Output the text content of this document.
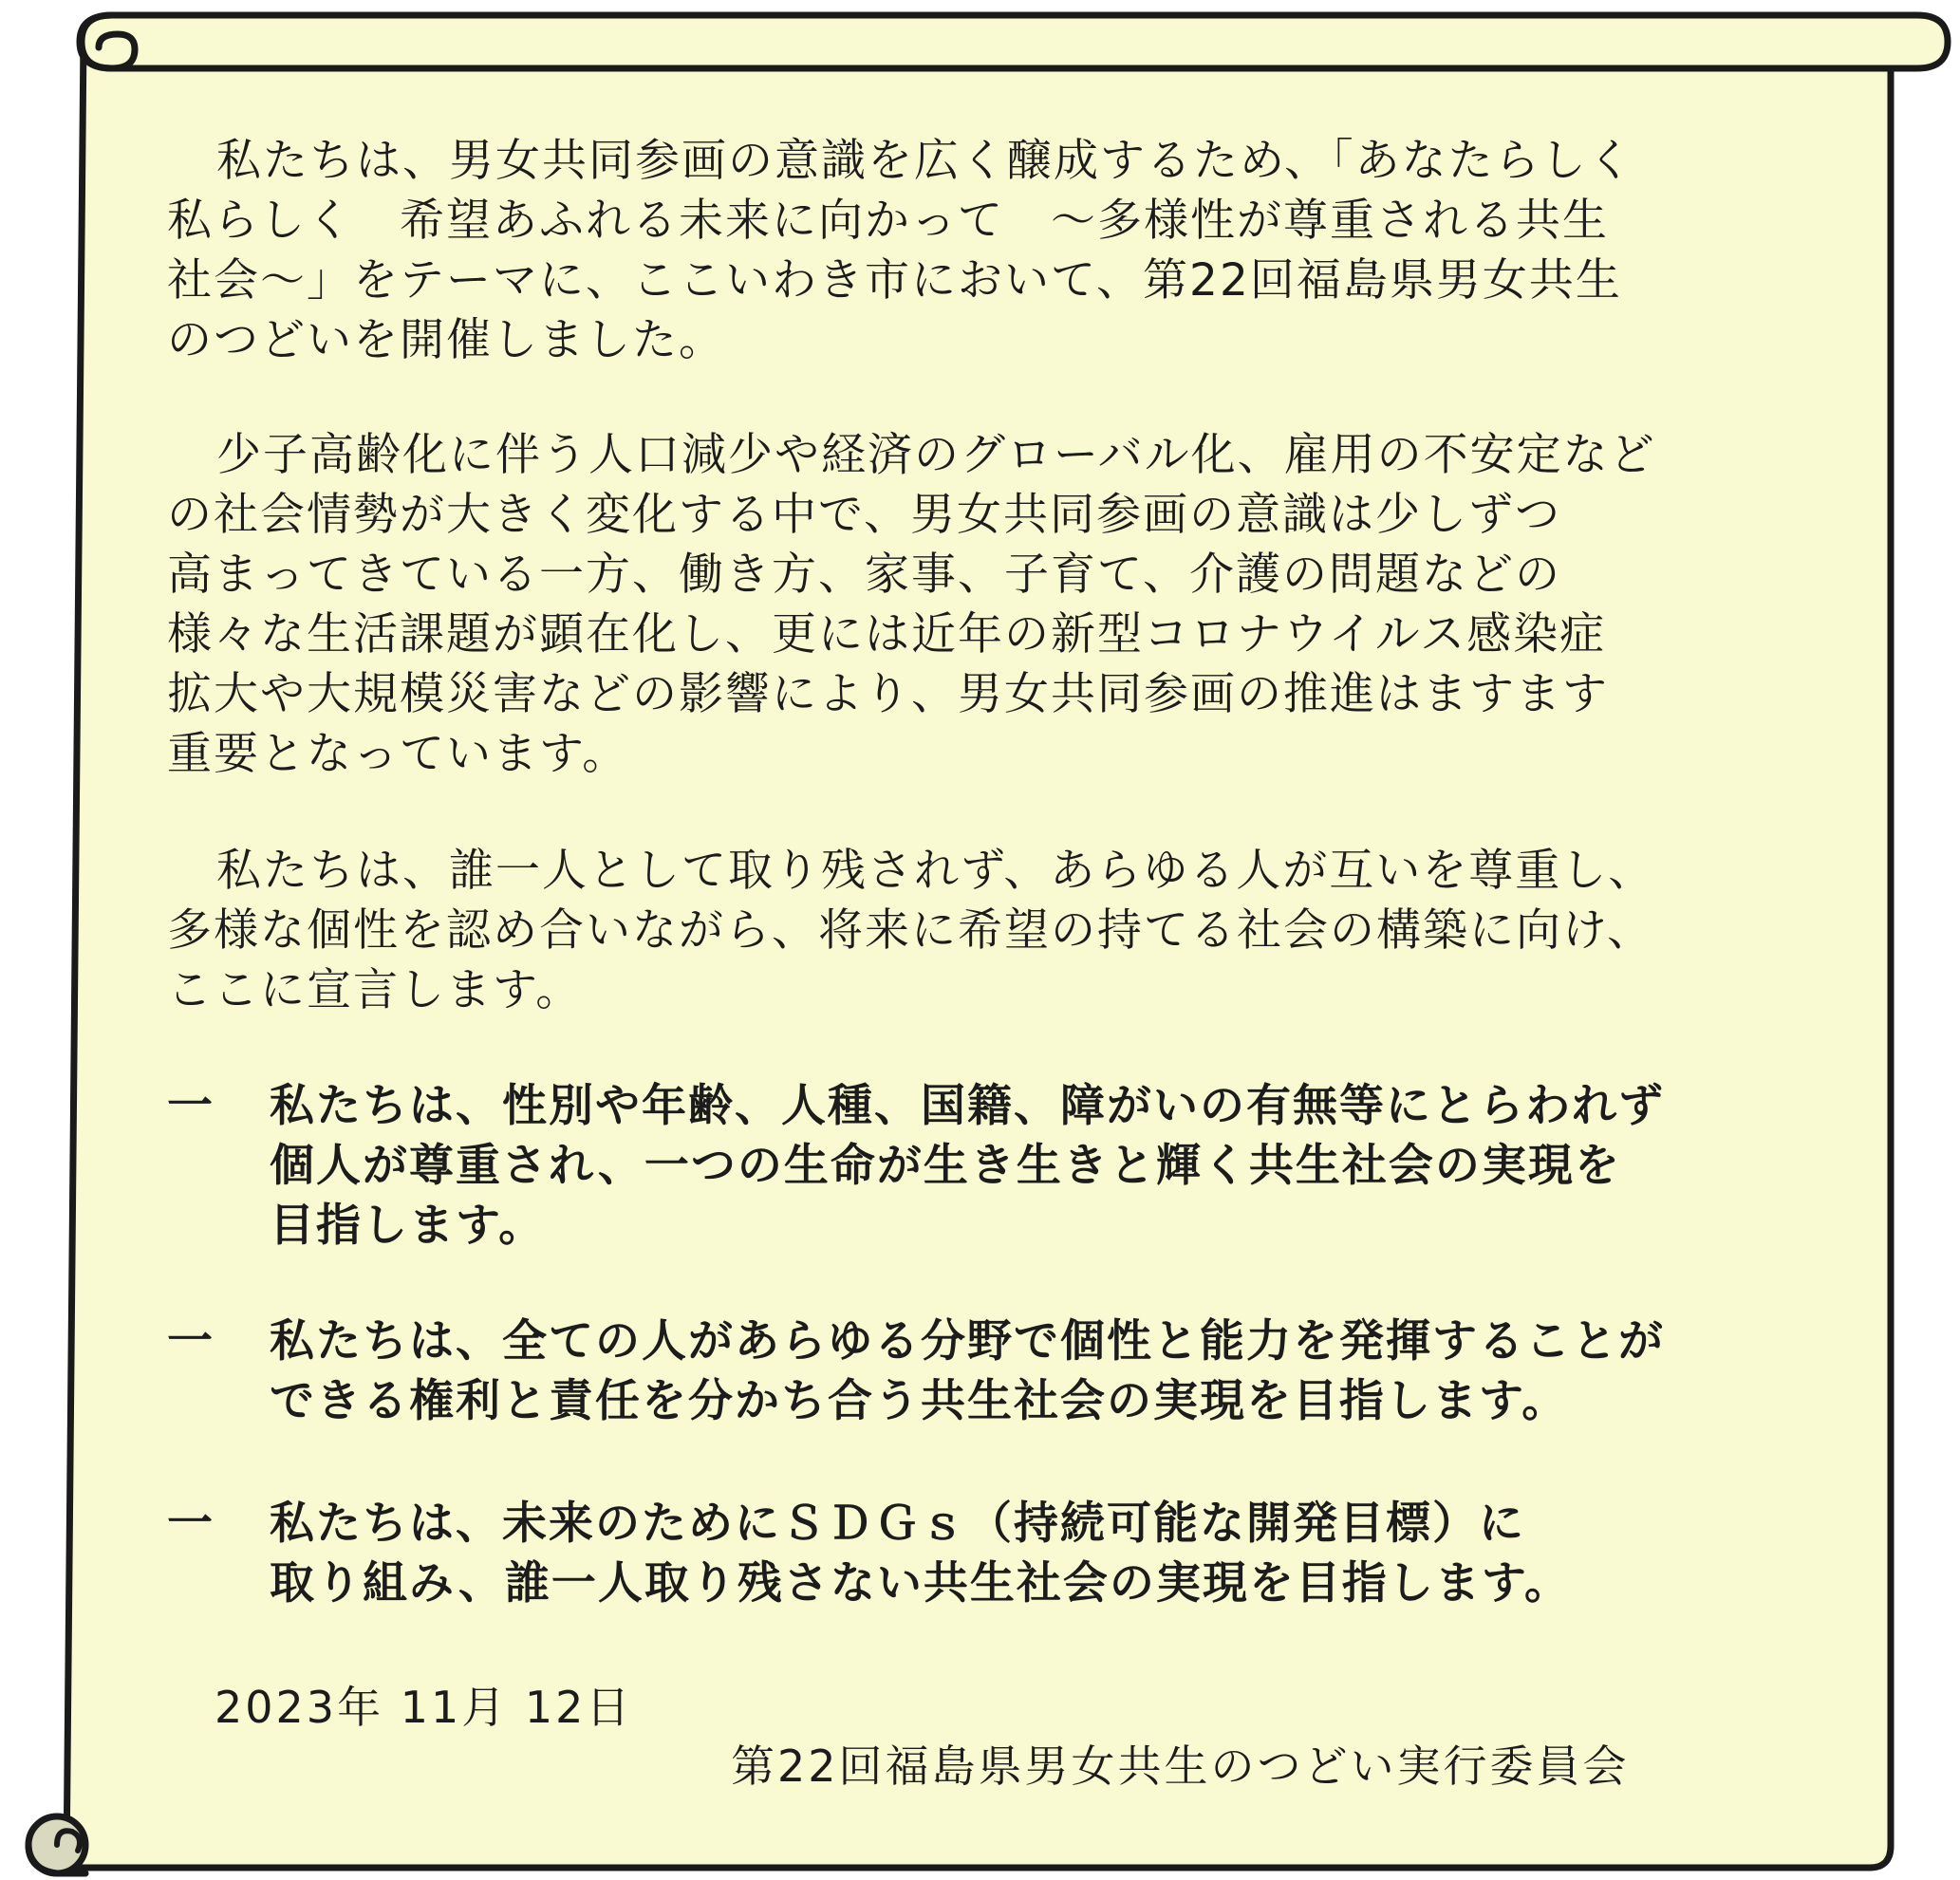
私たちは、男女共同参画の意識を広く醸成するため、「あなたらしく
私らしく　希望あふれる未来に向かって　～多様性が尊重される共生
社会～」をテーマに、ここいわき市において、第22回福島県男女共生
のつどいを開催しました。
少子高齢化に伴う人口減少や経済のグローバル化、雇用の不安定など
の社会情勢が大きく変化する中で、男女共同参画の意識は少しずつ
高まってきている一方、働き方、家事、子育て、介護の問題などの
様々な生活課題が顕在化し、更には近年の新型コロナウイルス感染症
拡大や大規模災害などの影響により、男女共同参画の推進はますます
重要となっています。
私たちは、誰一人として取り残されず、あらゆる人が互いを尊重し、
多様な個性を認め合いながら、将来に希望の持てる社会の構築に向け、
ここに宣言します。
一 私たちは、性別や年齢、人種、国籍、障がいの有無等にとらわれず
個人が尊重され、一つの生命が生き生きと輝く共生社会の実現を
目指します。
一 私たちは、全ての人があらゆる分野で個性と能力を発揮することが
できる権利と責任を分かち合う共生社会の実現を目指します。
一 私たちは、未来のためにＳＤＧｓ（持続可能な開発目標）に
取り組み、誰一人取り残さない共生社会の実現を目指します。
2023年 11月 12日
第22回福島県男女共生のつどい実行委員会
